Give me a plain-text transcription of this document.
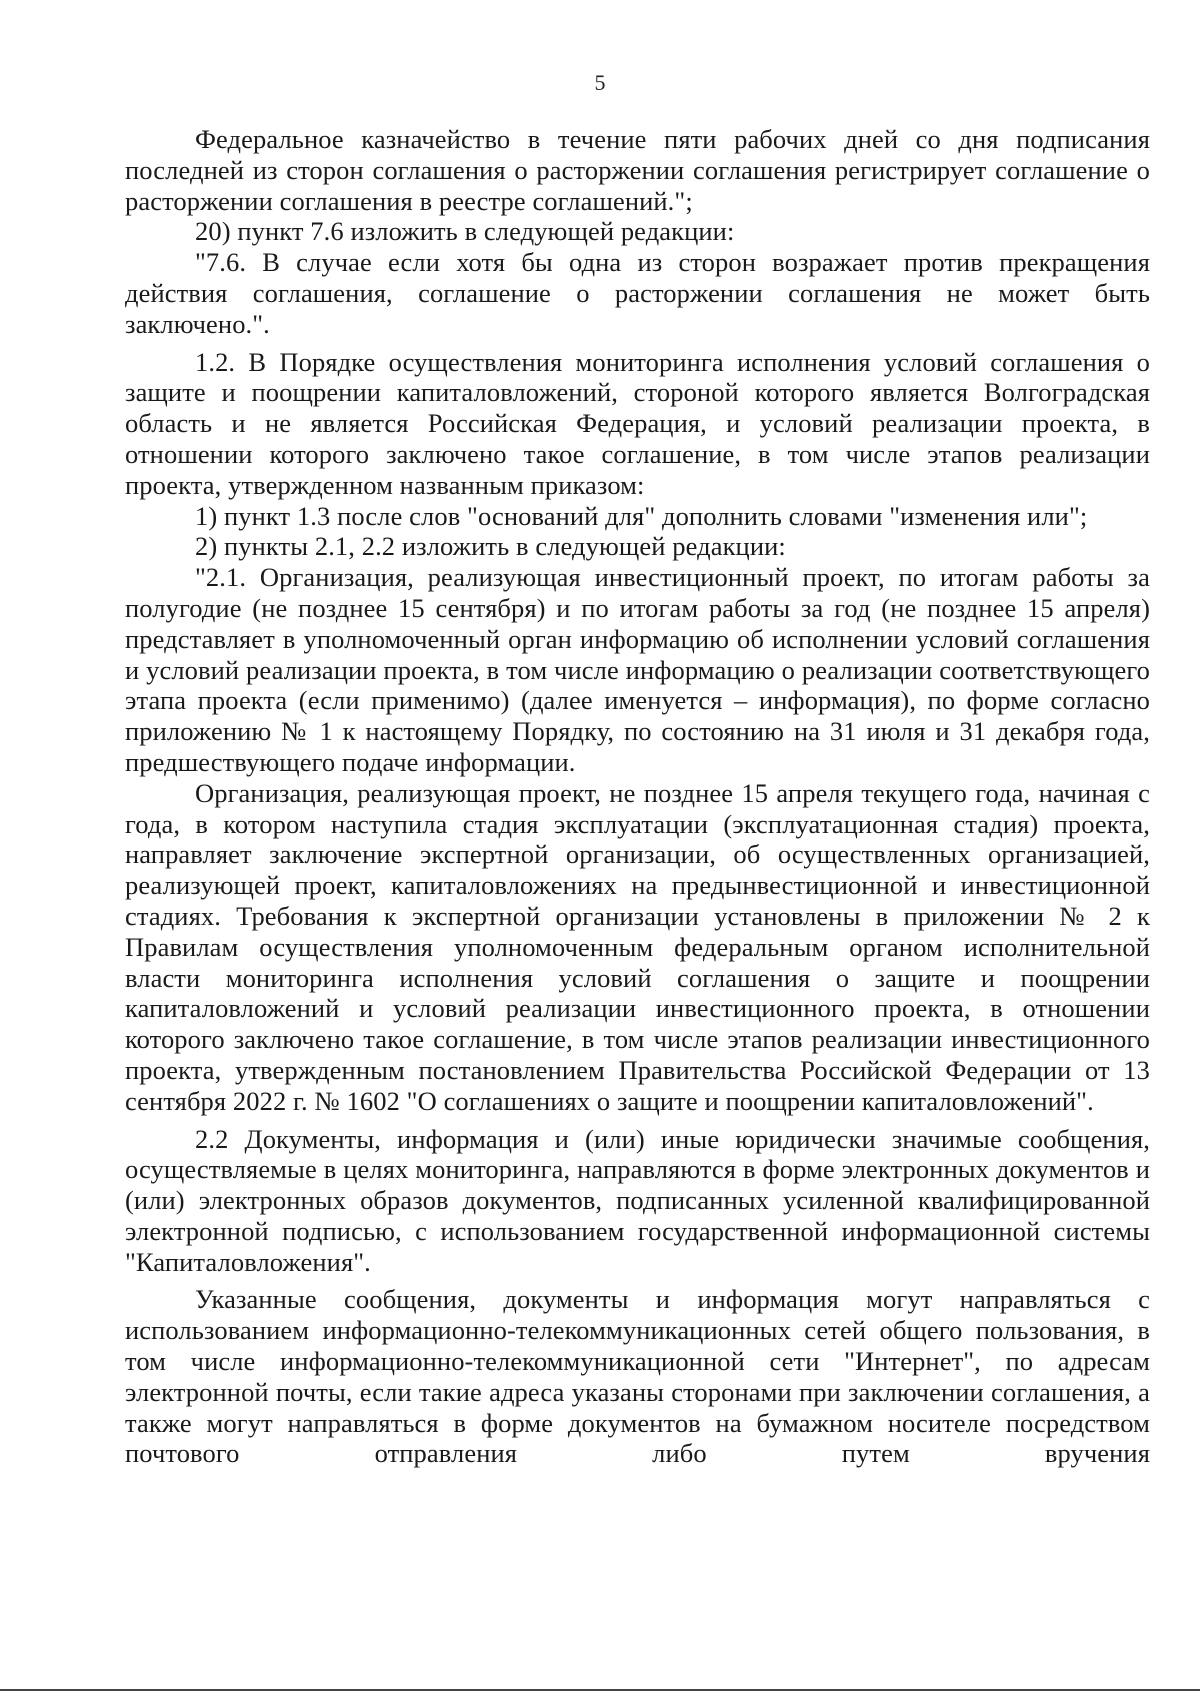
5

Федеральное казначейство в течение пяти рабочих дней со дня подписания последней из сторон соглашения о расторжении соглашения регистрирует соглашение о расторжении соглашения в реестре соглашений.";

20) пункт 7.6 изложить в следующей редакции:

"7.6. В случае если хотя бы одна из сторон возражает против прекращения действия соглашения, соглашение о расторжении соглашения не может быть заключено.".

1.2. В Порядке осуществления мониторинга исполнения условий соглашения о защите и поощрении капиталовложений, стороной которого является Волгоградская область и не является Российская Федерация, и условий реализации проекта, в отношении которого заключено такое соглашение, в том числе этапов реализации проекта, утвержденном названным приказом:

1) пункт 1.3 после слов "оснований для" дополнить словами "изменения или";

2) пункты 2.1, 2.2 изложить в следующей редакции:

"2.1. Организация, реализующая инвестиционный проект, по итогам работы за полугодие (не позднее 15 сентября) и по итогам работы за год (не позднее 15 апреля) представляет в уполномоченный орган информацию об исполнении условий соглашения и условий реализации проекта, в том числе информацию о реализации соответствующего этапа проекта (если применимо) (далее именуется – информация), по форме согласно приложению № 1 к настоящему Порядку, по состоянию на 31 июля и 31 декабря года, предшествующего подаче информации.

Организация, реализующая проект, не позднее 15 апреля текущего года, начиная с года, в котором наступила стадия эксплуатации (эксплуатационная стадия) проекта, направляет заключение экспертной организации, об осуществленных организацией, реализующей проект, капиталовложениях на предынвестиционной и инвестиционной стадиях. Требования к экспертной организации установлены в приложении № 2 к Правилам осуществления уполномоченным федеральным органом исполнительной власти мониторинга исполнения условий соглашения о защите и поощрении капиталовложений и условий реализации инвестиционного проекта, в отношении которого заключено такое соглашение, в том числе этапов реализации инвестиционного проекта, утвержденным постановлением Правительства Российской Федерации от 13 сентября 2022 г. № 1602 "О соглашениях о защите и поощрении капиталовложений".

2.2 Документы, информация и (или) иные юридически значимые сообщения, осуществляемые в целях мониторинга, направляются в форме электронных документов и (или) электронных образов документов, подписанных усиленной квалифицированной электронной подписью, с использованием государственной информационной системы "Капиталовложения".

Указанные сообщения, документы и информация могут направляться с использованием информационно-телекоммуникационных сетей общего пользования, в том числе информационно-телекоммуникационной сети "Интернет", по адресам электронной почты, если такие адреса указаны сторонами при заключении соглашения, а также могут направляться в форме документов на бумажном носителе посредством почтового отправления либо путем вручения
